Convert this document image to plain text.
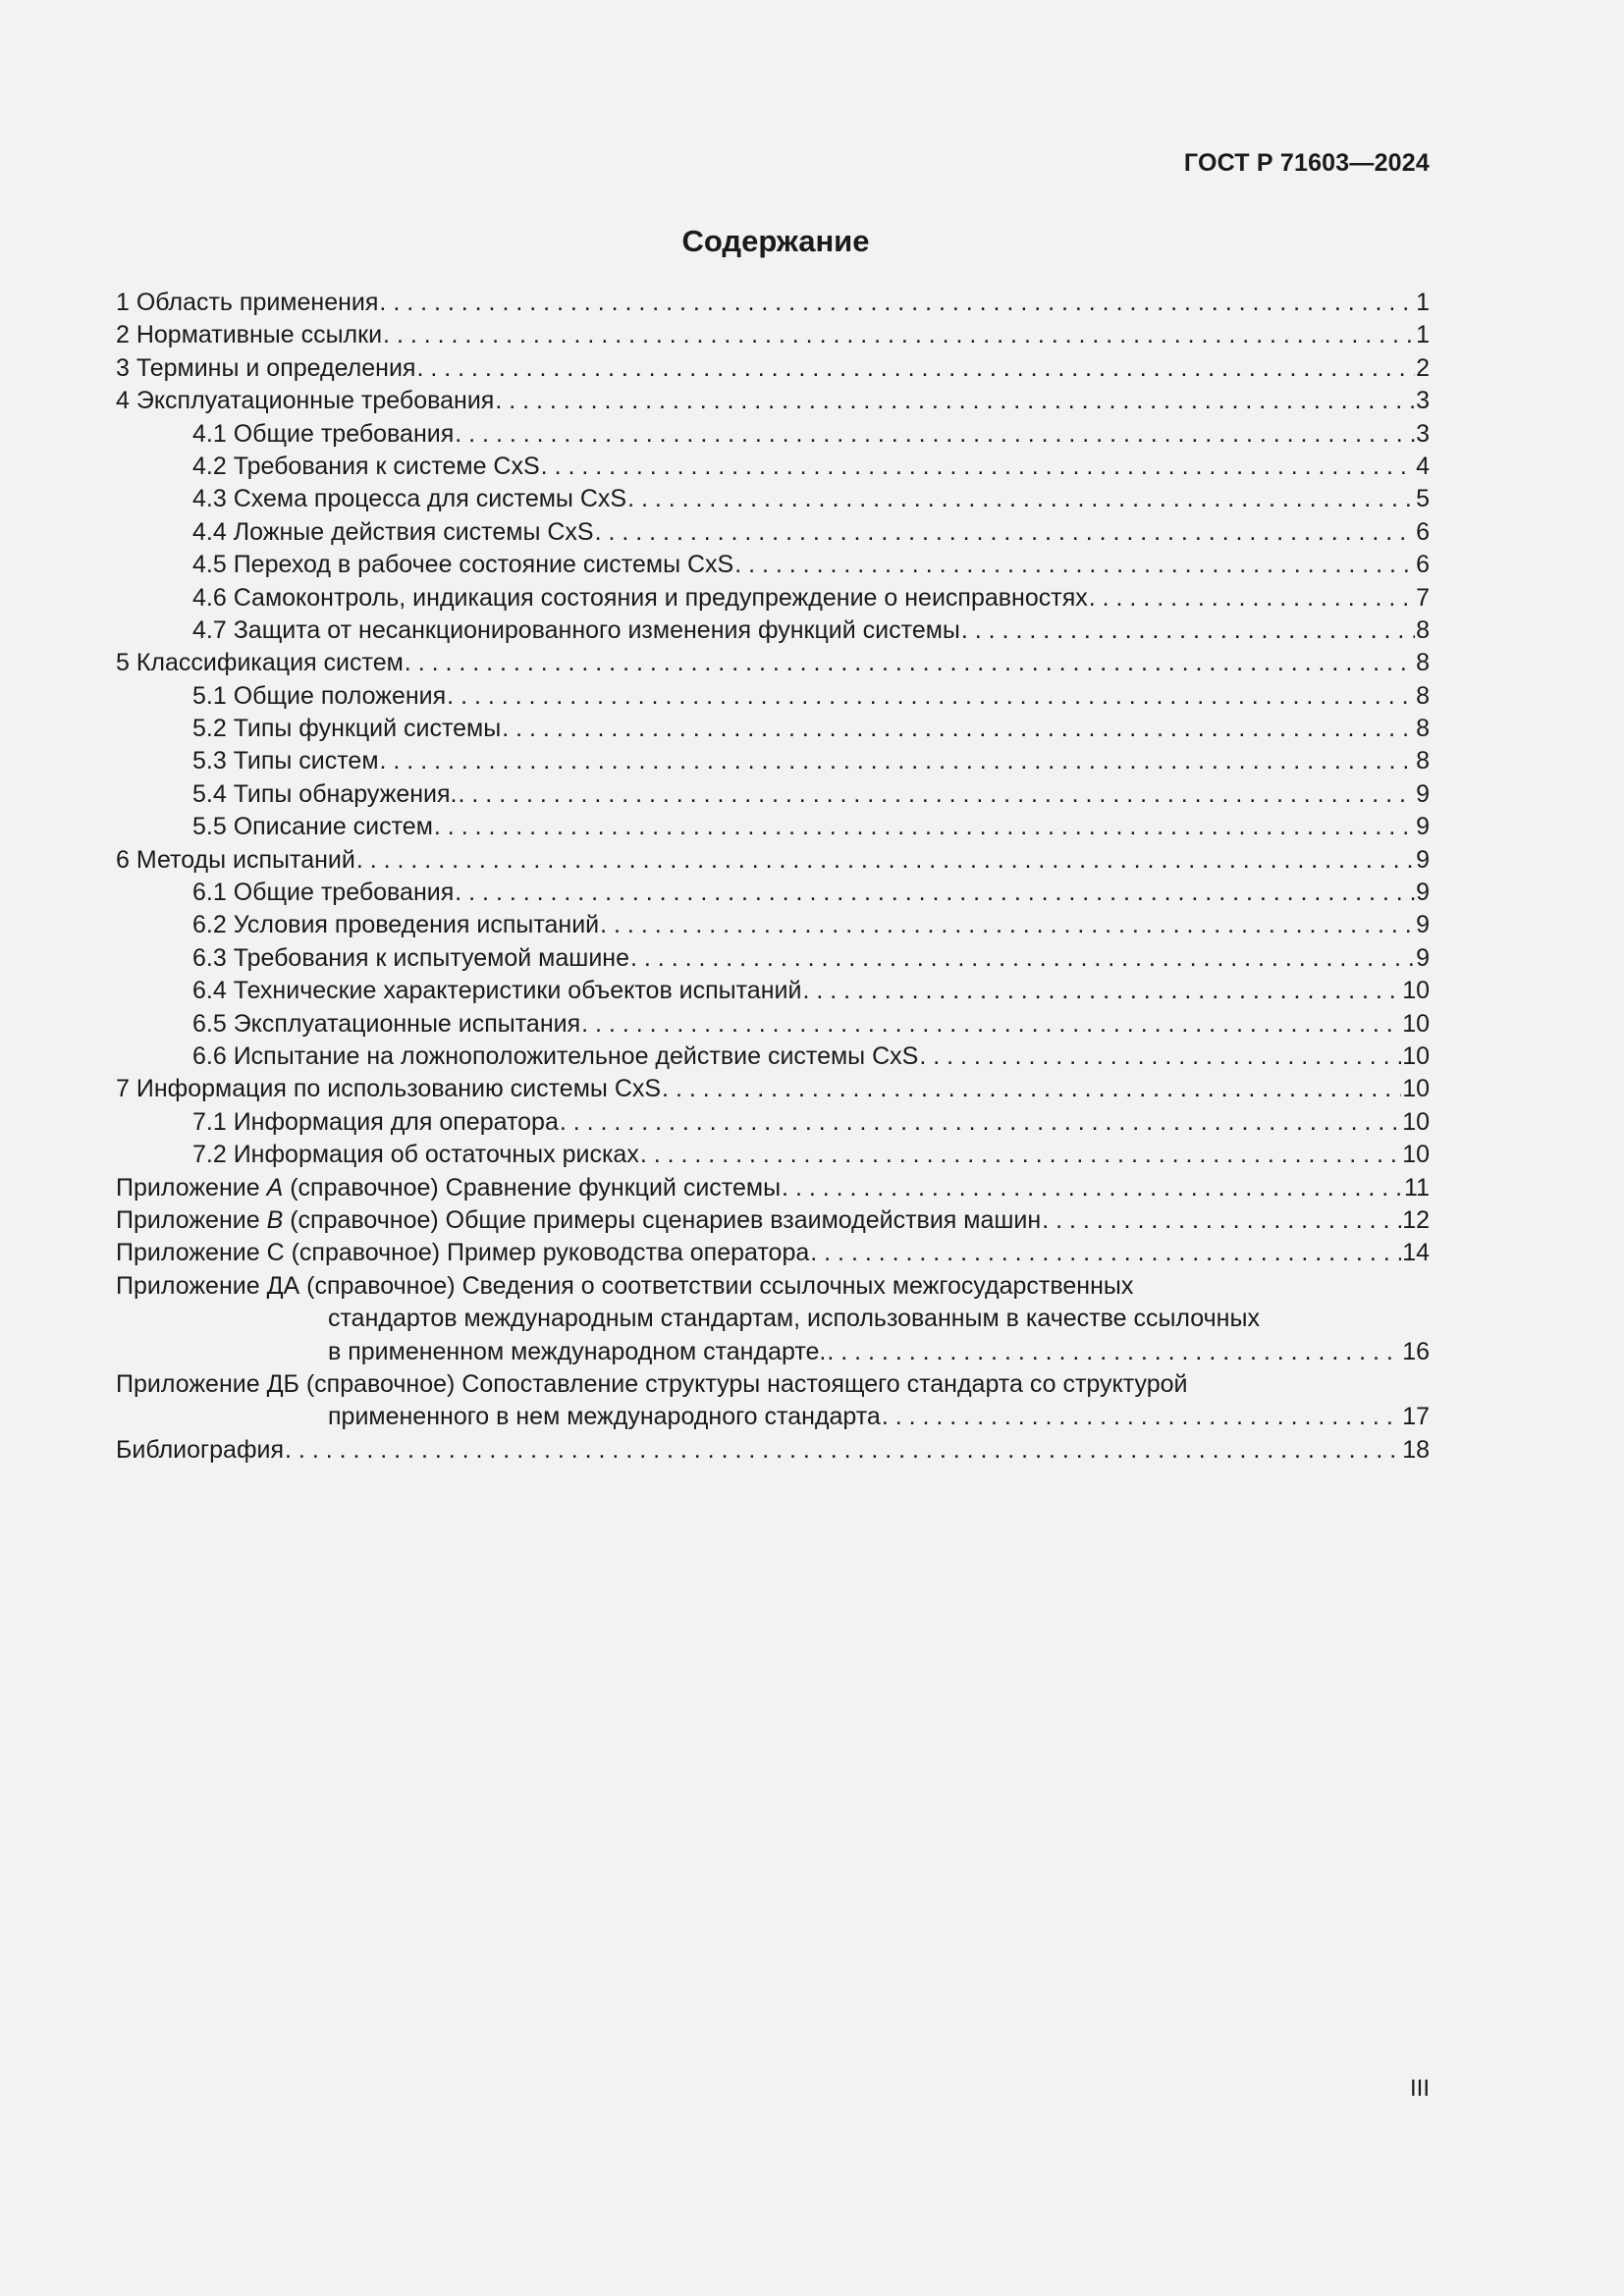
ГОСТ Р 71603—2024
Содержание
1 Область применения . . .	1
2 Нормативные ссылки . . .	1
3 Термины и определения . . .	2
4 Эксплуатационные требования . . .	3
4.1 Общие требования . . .	3
4.2 Требования к системе CxS . . .	4
4.3 Схема процесса для системы CxS . . .	5
4.4 Ложные действия системы CxS . . .	6
4.5 Переход в рабочее состояние системы CxS . . .	6
4.6 Самоконтроль, индикация состояния и предупреждение о неисправностях . . .	7
4.7 Защита от несанкционированного изменения функций системы . . .	8
5 Классификация систем . . .	8
5.1 Общие положения . . .	8
5.2 Типы функций системы . . .	8
5.3 Типы систем . . .	8
5.4 Типы обнаружения. . . .	9
5.5 Описание систем . . .	9
6 Методы испытаний . . .	9
6.1 Общие требования . . .	9
6.2 Условия проведения испытаний . . .	9
6.3 Требования к испытуемой машине . . .	9
6.4 Технические характеристики объектов испытаний . . .	10
6.5 Эксплуатационные испытания . . .	10
6.6 Испытание на ложноположительное действие системы CxS . . .	10
7 Информация по использованию системы CxS . . .	10
7.1 Информация для оператора . . .	10
7.2 Информация об остаточных рисках . . .	10
Приложение А (справочное) Сравнение функций системы . . .	11
Приложение В (справочное) Общие примеры сценариев взаимодействия машин . . .	12
Приложение С (справочное) Пример руководства оператора . . .	14
Приложение ДА (справочное) Сведения о соответствии ссылочных межгосударственных
стандартов международным стандартам, использованным в качестве ссылочных
в примененном международном стандарте. . . .	16
Приложение ДБ (справочное) Сопоставление структуры настоящего стандарта со структурой
примененного в нем международного стандарта . . .	17
Библиография . . .	18
III
